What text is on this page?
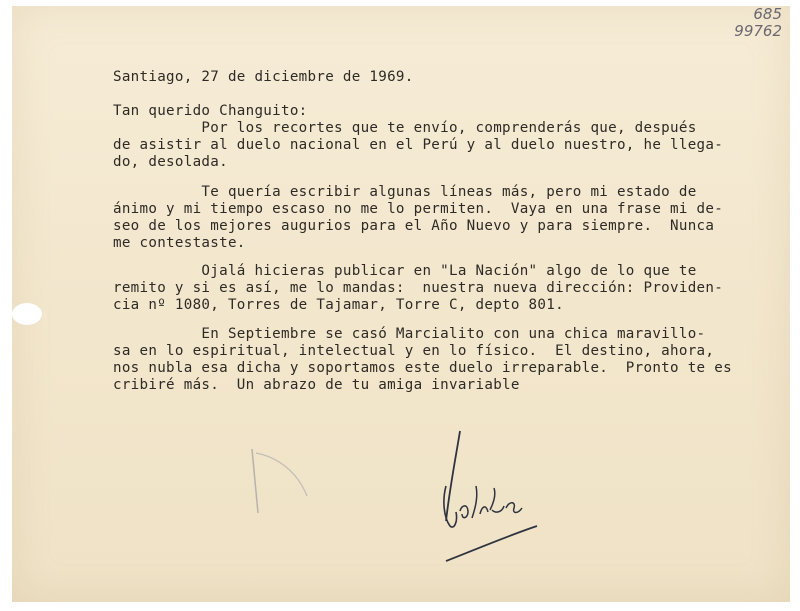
685
99762
Santiago, 27 de diciembre de 1969.
Tan querido Changuito:
Por los recortes que te envío, comprenderás que, después
de asistir al duelo nacional en el Perú y al duelo nuestro, he llega-
do, desolada.
Te quería escribir algunas líneas más, pero mi estado de
ánimo y mi tiempo escaso no me lo permiten.  Vaya en una frase mi de-
seo de los mejores augurios para el Año Nuevo y para siempre.  Nunca
me contestaste.
Ojalá hicieras publicar en "La Nación" algo de lo que te
remito y si es así, me lo mandas:  nuestra nueva dirección: Providen-
cia nº 1080, Torres de Tajamar, Torre C, depto 801.
En Septiembre se casó Marcialito con una chica maravillo-
sa en lo espiritual, intelectual y en lo físico.  El destino, ahora,
nos nubla esa dicha y soportamos este duelo irreparable.  Pronto te es
cribiré más.  Un abrazo de tu amiga invariable
